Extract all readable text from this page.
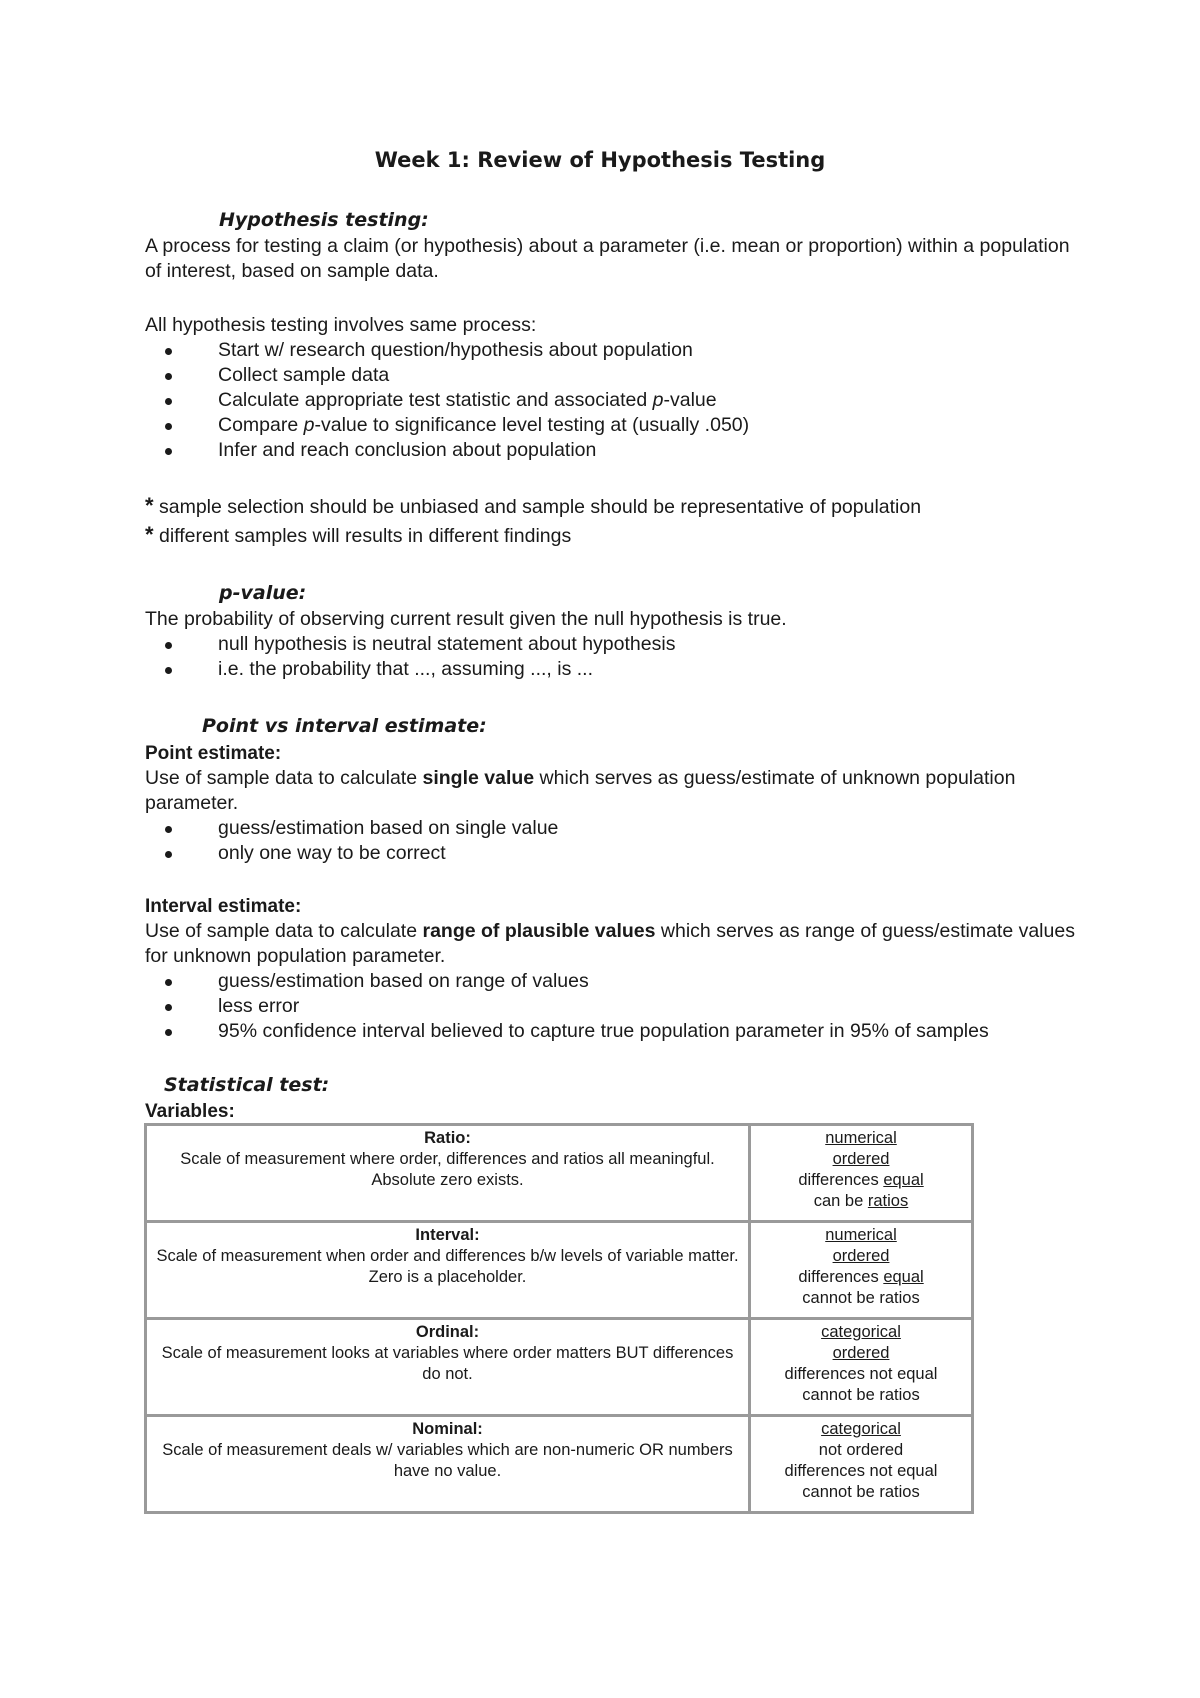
Week 1: Review of Hypothesis Testing
Hypothesis testing:

A process for testing a claim (or hypothesis) about a parameter (i.e. mean or proportion) within a population of interest, based on sample data.

All hypothesis testing involves same process:

Start w/ research question/hypothesis about population
Collect sample data
Calculate appropriate test statistic and associated p-value
Compare p-value to significance level testing at (usually .050)
Infer and reach conclusion about population
* sample selection should be unbiased and sample should be representative of population
* different samples will results in different findings
p-value:

The probability of observing current result given the null hypothesis is true.

null hypothesis is neutral statement about hypothesis
i.e. the probability that ..., assuming ..., is ...
Point vs interval estimate:
Point estimate:

Use of sample data to calculate single value which serves as guess/estimate of unknown population parameter.

guess/estimation based on single value
only one way to be correct
Interval estimate:

Use of sample data to calculate range of plausible values which serves as range of guess/estimate values for unknown population parameter.

guess/estimation based on range of values
less error
95% confidence interval believed to capture true population parameter in 95% of samples
Statistical test:
Variables:
Ratio:
Scale of measurement where order, differences and ratios all meaningful. Absolute zero exists.	numerical
ordered
differences equal
can be ratios

Interval:
Scale of measurement when order and differences b/w levels of variable matter. Zero is a placeholder.	numerical
ordered
differences equal
cannot be ratios

Ordinal:
Scale of measurement looks at variables where order matters BUT differences do not.	categorical
ordered
differences not equal
cannot be ratios

Nominal:
Scale of measurement deals w/ variables which are non-numeric OR numbers have no value.	categorical
not ordered
differences not equal
cannot be ratios
